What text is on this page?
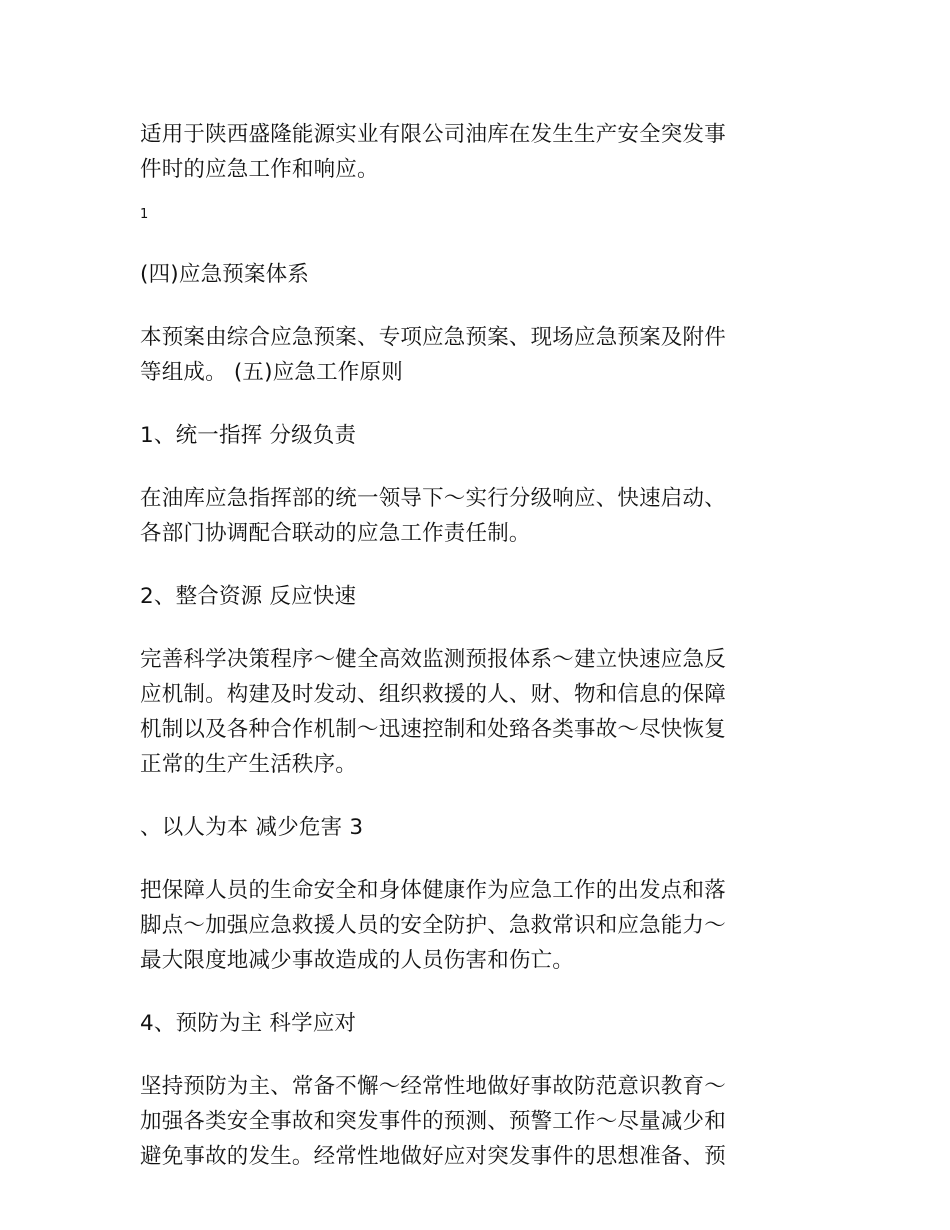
适用于陕西盛隆能源实业有限公司油库在发生生产安全突发事
件时的应急工作和响应。
1
(四)应急预案体系
本预案由综合应急预案、专项应急预案、现场应急预案及附件
等组成。 (五)应急工作原则
1、统一指挥 分级负责
在油库应急指挥部的统一领导下～实行分级响应、快速启动、
各部门协调配合联动的应急工作责任制。
2、整合资源 反应快速
完善科学决策程序～健全高效监测预报体系～建立快速应急反
应机制。构建及时发动、组织救援的人、财、物和信息的保障
机制以及各种合作机制～迅速控制和处臵各类事故～尽快恢复
正常的生产生活秩序。
、以人为本 减少危害 3
把保障人员的生命安全和身体健康作为应急工作的出发点和落
脚点～加强应急救援人员的安全防护、急救常识和应急能力～
最大限度地减少事故造成的人员伤害和伤亡。
4、预防为主 科学应对
坚持预防为主、常备不懈～经常性地做好事故防范意识教育～
加强各类安全事故和突发事件的预测、预警工作～尽量减少和
避免事故的发生。经常性地做好应对突发事件的思想准备、预
